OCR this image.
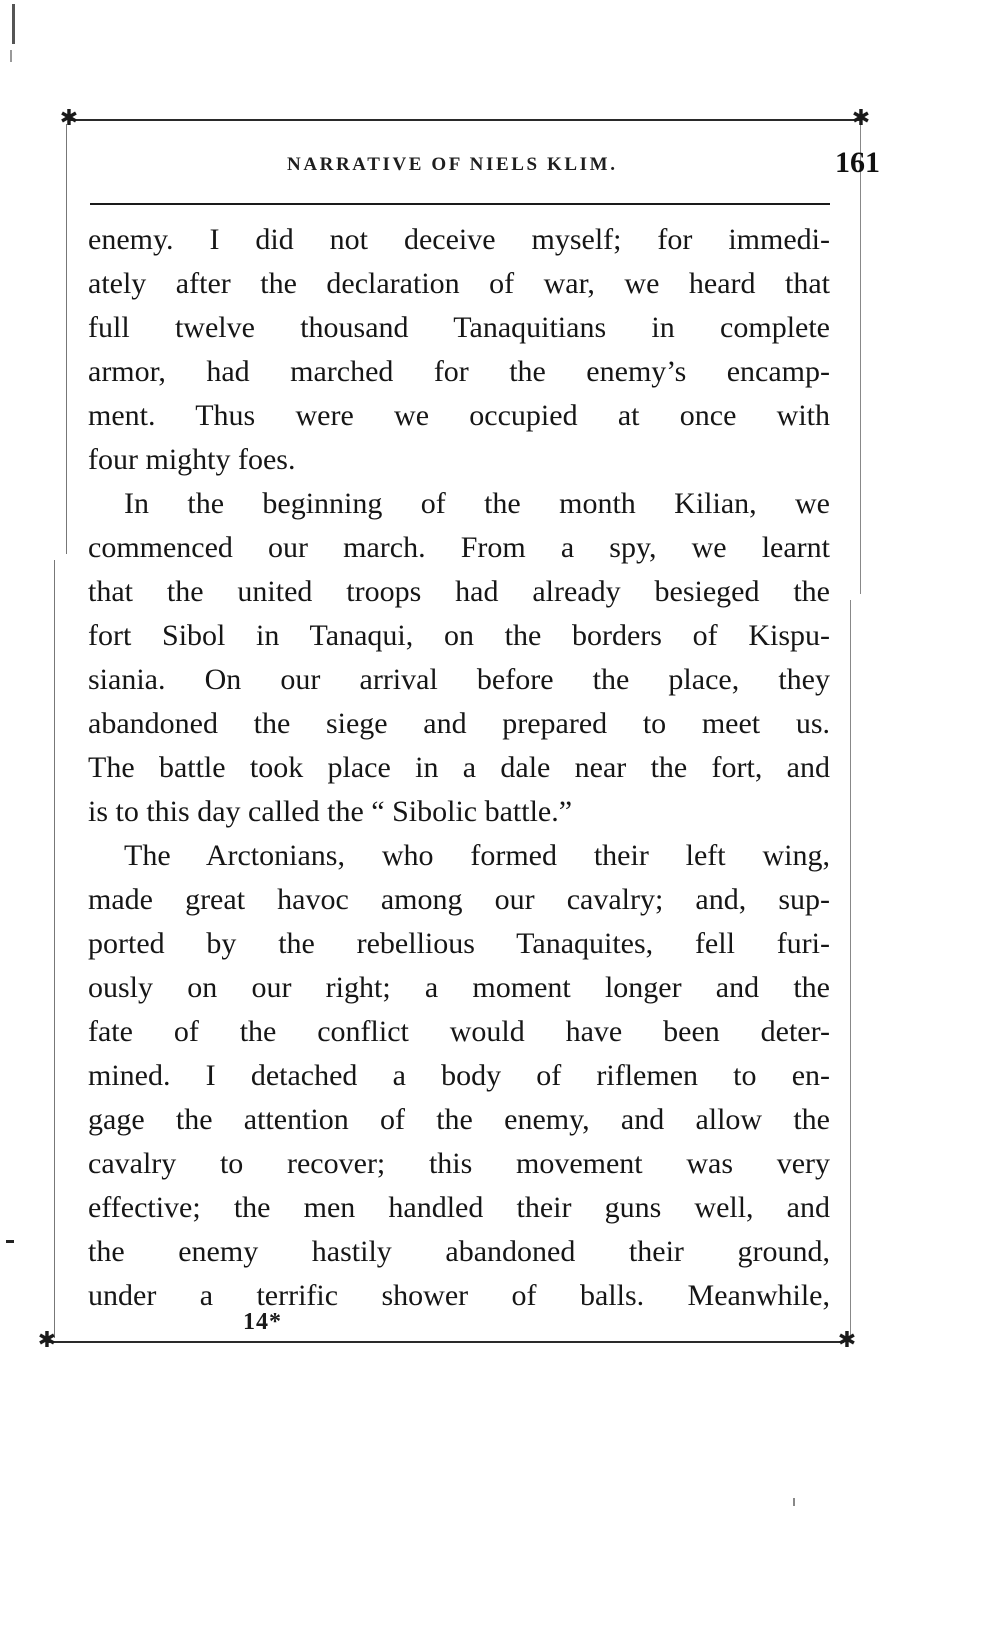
✱	✱
✱	✱
NARRATIVE OF NIELS KLIM.	161
enemy. I did not deceive myself; for immedi-
ately after the declaration of war, we heard that
full twelve thousand Tanaquitians in complete
armor, had marched for the enemy’s encamp-
ment. Thus were we occupied at once with
four mighty foes.
In the beginning of the month Kilian, we
commenced our march. From a spy, we learnt
that the united troops had already besieged the
fort Sibol in Tanaqui, on the borders of Kispu-
siania. On our arrival before the place, they
abandoned the siege and prepared to meet us.
The battle took place in a dale near the fort, and
is to this day called the “ Sibolic battle.”
The Arctonians, who formed their left wing,
made great havoc among our cavalry; and, sup-
ported by the rebellious Tanaquites, fell furi-
ously on our right; a moment longer and the
fate of the conflict would have been deter-
mined. I detached a body of riflemen to en-
gage the attention of the enemy, and allow the
cavalry to recover; this movement was very
effective; the men handled their guns well, and
the enemy hastily abandoned their ground,
under a terrific shower of balls. Meanwhile,
14*
